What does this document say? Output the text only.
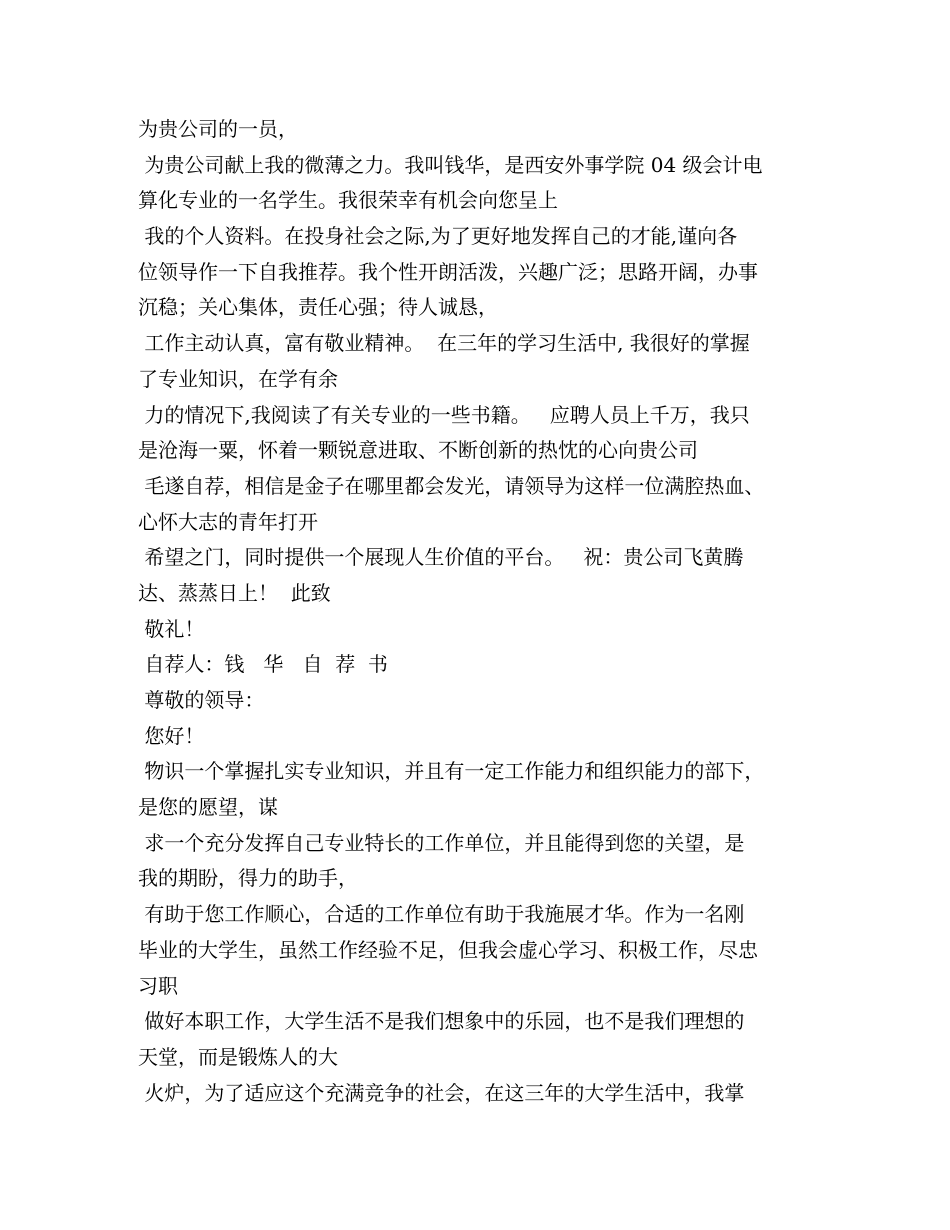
为贵公司的一员，
为贵公司献上我的微薄之力。我叫钱华，是西安外事学院 04 级会计电
算化专业的一名学生。我很荣幸有机会向您呈上
我的个人资料。在投身社会之际,为了更好地发挥自己的才能,谨向各
位领导作一下自我推荐。我个性开朗活泼，兴趣广泛；思路开阔，办事
沉稳；关心集体，责任心强；待人诚恳，
工作主动认真，富有敬业精神。  在三年的学习生活中, 我很好的掌握
了专业知识，在学有余
力的情况下,我阅读了有关专业的一些书籍。   应聘人员上千万，我只
是沧海一粟，怀着一颗锐意进取、不断创新的热忱的心向贵公司
毛遂自荐，相信是金子在哪里都会发光，请领导为这样一位满腔热血、
心怀大志的青年打开
希望之门，同时提供一个展现人生价值的平台。   祝：贵公司飞黄腾
达、蒸蒸日上！  此致
敬礼！
自荐人：钱   华   自  荐  书
尊敬的领导：
您好！
物识一个掌握扎实专业知识，并且有一定工作能力和组织能力的部下，
是您的愿望，谋
求一个充分发挥自己专业特长的工作单位，并且能得到您的关望，是
我的期盼，得力的助手，
有助于您工作顺心，合适的工作单位有助于我施展才华。作为一名刚
毕业的大学生，虽然工作经验不足，但我会虚心学习、积极工作，尽忠
习职
做好本职工作，大学生活不是我们想象中的乐园，也不是我们理想的
天堂，而是锻炼人的大
火炉，为了适应这个充满竞争的社会，在这三年的大学生活中，我掌
